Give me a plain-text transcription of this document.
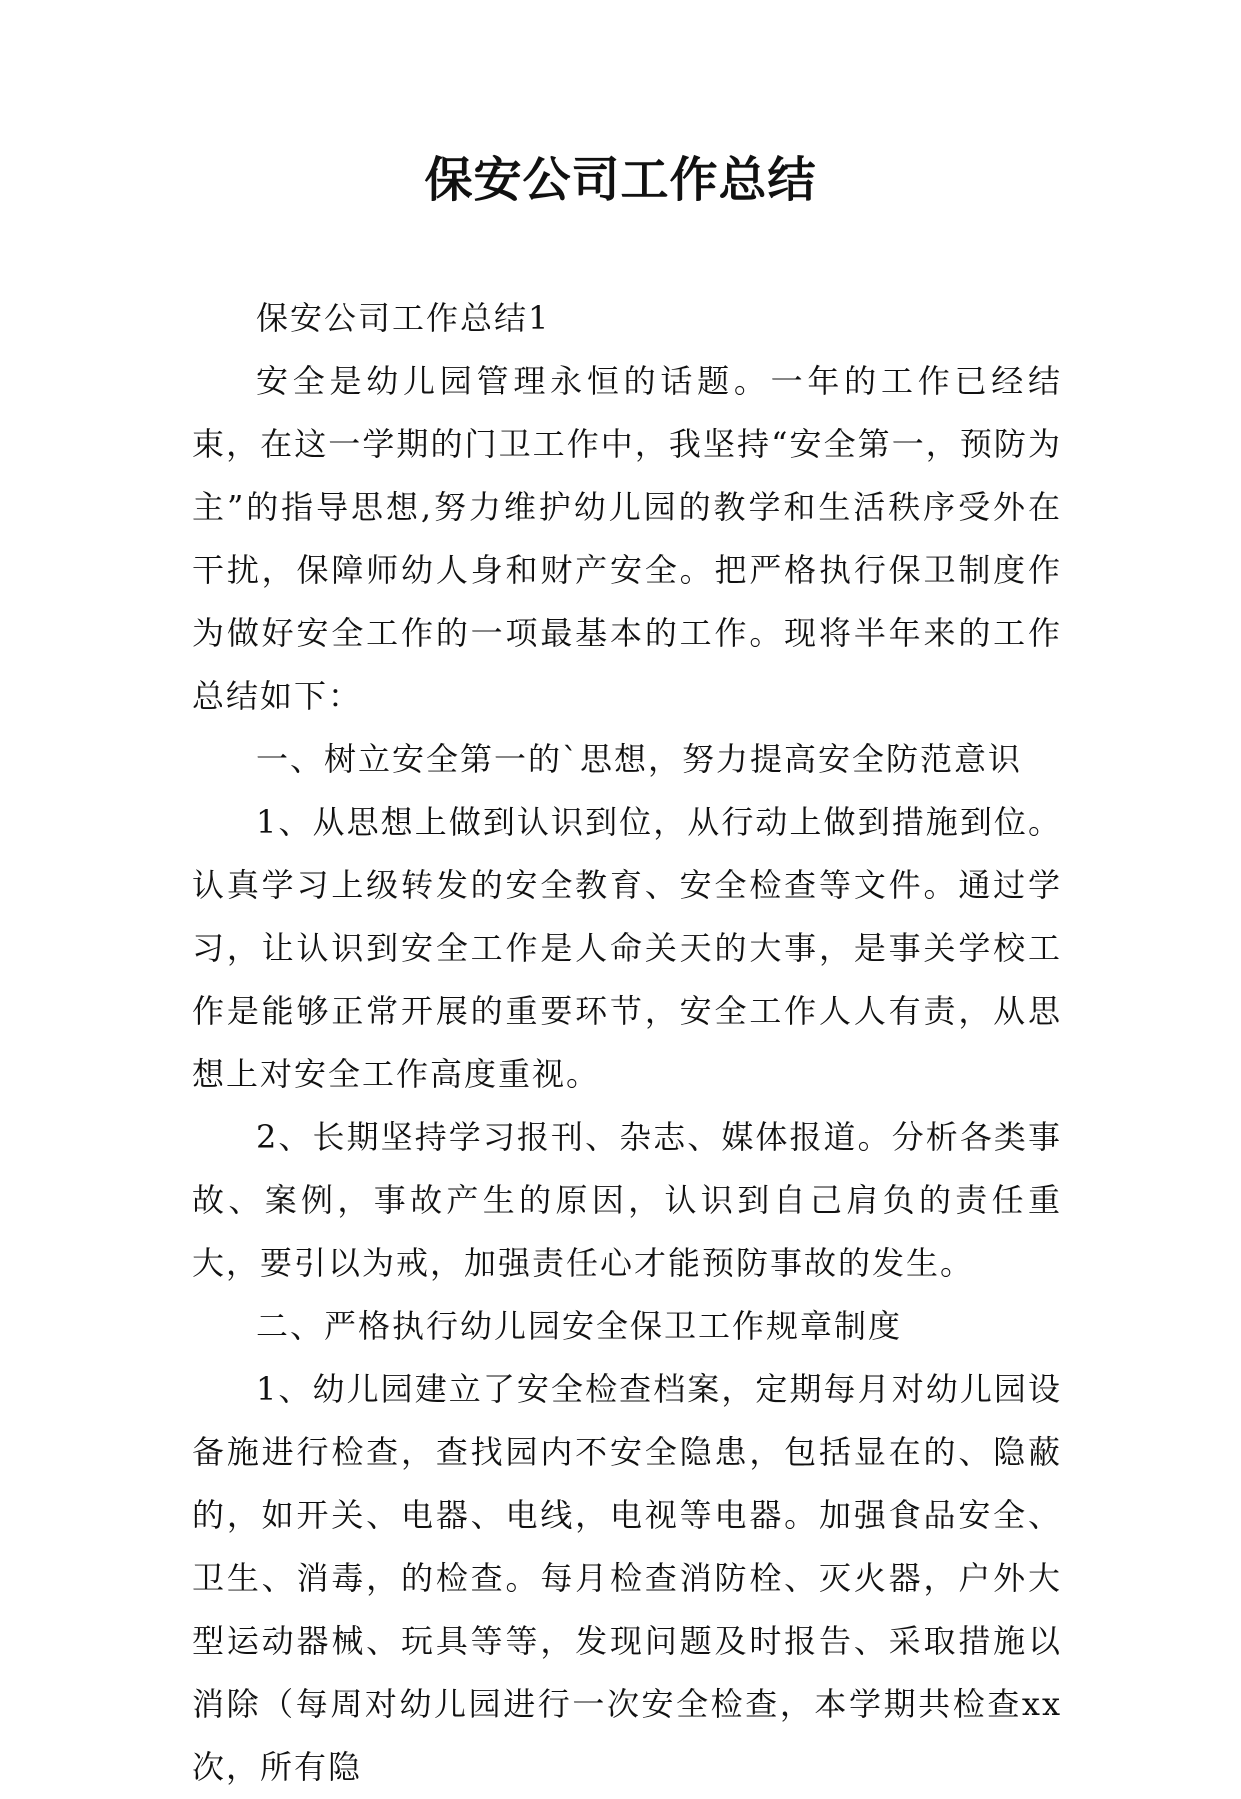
保安公司工作总结

保安公司工作总结1

安全是幼儿园管理永恒的话题。一年的工作已经结束，在这一学期的门卫工作中，我坚持“安全第一，预防为主”的指导思想,努力维护幼儿园的教学和生活秩序受外在干扰，保障师幼人身和财产安全。把严格执行保卫制度作为做好安全工作的一项最基本的工作。现将半年来的工作总结如下：

一、树立安全第一的`思想，努力提高安全防范意识

1、从思想上做到认识到位，从行动上做到措施到位。认真学习上级转发的安全教育、安全检查等文件。通过学习，让认识到安全工作是人命关天的大事，是事关学校工作是能够正常开展的重要环节，安全工作人人有责，从思想上对安全工作高度重视。

2、长期坚持学习报刊、杂志、媒体报道。分析各类事故、案例，事故产生的原因，认识到自己肩负的责任重大，要引以为戒，加强责任心才能预防事故的发生。

二、严格执行幼儿园安全保卫工作规章制度

1、幼儿园建立了安全检查档案，定期每月对幼儿园设备施进行检查，查找园内不安全隐患，包括显在的、隐蔽的，如开关、电器、电线，电视等电器。加强食品安全、卫生、消毒，的检查。每月检查消防栓、灭火器，户外大型运动器械、玩具等等，发现问题及时报告、采取措施以消除（每周对幼儿园进行一次安全检查，本学期共检查xx次，所有隐
